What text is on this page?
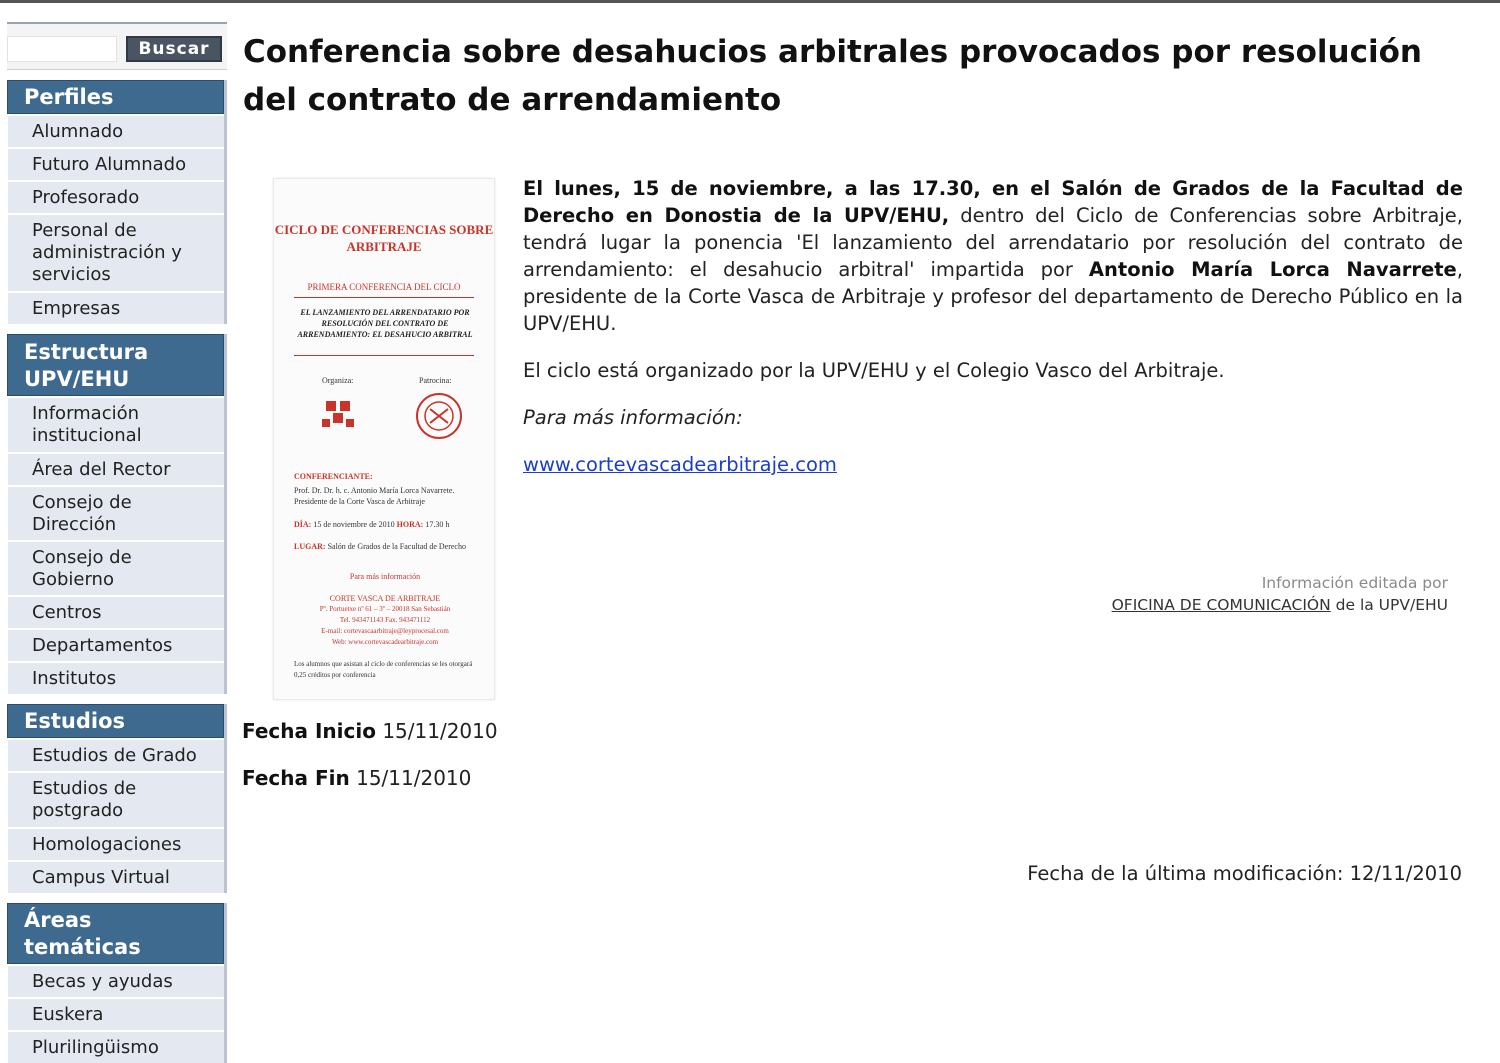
Buscar
Perfiles
Alumnado
Futuro Alumnado
Profesorado
Personal de administración y servicios
Empresas
Estructura
UPV/EHU
Información institucional
Área del Rector
Consejo de Dirección
Consejo de Gobierno
Centros
Departamentos
Institutos
Estudios
Estudios de Grado
Estudios de postgrado
Homologaciones
Campus Virtual
Áreas temáticas
Becas y ayudas
Euskera
Plurilingüismo
Conferencia sobre desahucios arbitrales provocados por resolución del contrato de arrendamiento
CICLO DE CONFERENCIAS SOBRE ARBITRAJE
PRIMERA CONFERENCIA DEL CICLO
EL LANZAMIENTO DEL ARRENDATARIO POR RESOLUCIÓN DEL CONTRATO DE ARRENDAMIENTO: EL DESAHUCIO ARBITRAL
Organiza:	Patrocina:
CONFERENCIANTE:
Prof. Dr. Dr. h. c. Antonio María Lorca Navarrete. Presidente de la Corte Vasca de Arbitraje
DÍA: 15 de noviembre de 2010 HORA: 17.30 h
LUGAR: Salón de Grados de la Facultad de Derecho
Para más información
CORTE VASCA DE ARBITRAJE
Pº. Portuetxe nº 61 – 3º – 20018 San Sebastián
Tel. 943471143 Fax. 943471112
E-mail: cortevascaarbitraje@leyprocesal.com
Web: www.cortevascadearbitraje.com
Los alumnos que asistan al ciclo de conferencias se les otorgará 0,25 créditos por conferencia

El lunes, 15 de noviembre, a las 17.30, en el Salón de Grados de la Facultad de Derecho en Donostia de la UPV/EHU, dentro del Ciclo de Conferencias sobre Arbitraje, tendrá lugar la ponencia 'El lanzamiento del arrendatario por resolución del contrato de arrendamiento: el desahucio arbitral' impartida por Antonio María Lorca Navarrete, presidente de la Corte Vasca de Arbitraje y profesor del departamento de Derecho Público en la UPV/EHU.

El ciclo está organizado por la UPV/EHU y el Colegio Vasco del Arbitraje.

Para más información:

www.cortevascadearbitraje.com

Información editada por
OFICINA DE COMUNICACIÓN de la UPV/EHU
Fecha Inicio 15/11/2010
Fecha Fin 15/11/2010
Fecha de la última modificación: 12/11/2010
